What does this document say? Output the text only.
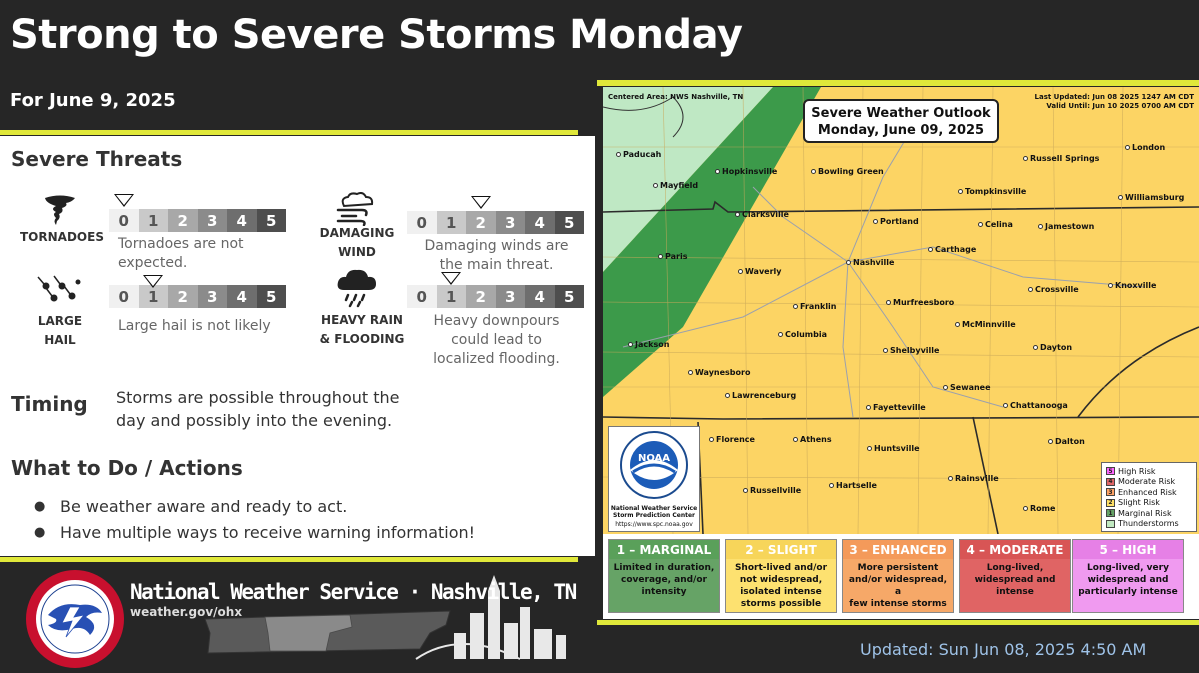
Strong to Severe Storms Monday
For June 9, 2025
Severe Threats
TORNADOES
0	1	2	3	4	5
Tornadoes are not
expected.
DAMAGING
WIND
0	1	2	3	4	5
Damaging winds are
the main threat.
LARGE
HAIL
0	1	2	3	4	5
Large hail is not likely	HEAVY RAIN
& FLOODING
0	1	2	3	4	5
Heavy downpours
could lead to
localized flooding.
Timing Storms are possible throughout the
day and possibly into the evening.
What to Do / Actions
● Be weather aware and ready to act.
● Have multiple ways to receive warning information!
Centered Area: NWS Nashville, TN	Last Updated: Jun 08 2025 1247 AM CDT
Valid Until: Jun 10 2025 0700 AM CDT
Severe Weather Outlook
Monday, June 09, 2025
Paducah
Mayfield
Hopkinsville	Bowling Green
Russell Springs
London
Tompkinsville
Williamsburg
Clarksville
Portland	Celina	Jamestown
Carthage
Paris
Nashville
Waverly
Crossville	Knoxville
Franklin	Murfreesboro
McMinnville
Columbia
Jackson
Shelbyville	Dayton
Waynesboro
Sewanee
Lawrenceburg
Fayetteville	Chattanooga
Florence	Athens
Huntsville
Dalton
Rainsville
Russellville
Hartselle
Rome
NOAA
National Weather Service
Storm Prediction Center
https://www.spc.noaa.gov
5 High Risk
4 Moderate Risk
3 Enhanced Risk
2 Slight Risk
1 Marginal Risk
Thunderstorms
1 – MARGINAL
Limited in duration,
coverage, and/or
intensity
2 – SLIGHT
Short-lived and/or
not widespread,
isolated intense
storms possible
3 – ENHANCED
More persistent
and/or widespread, a
few intense storms
4 – MODERATE
Long-lived,
widespread and
intense
5 – HIGH
Long-lived, very
widespread and
particularly intense
National Weather Service · Nashville, TN
weather.gov/ohx
Updated: Sun Jun 08, 2025 4:50 AM
